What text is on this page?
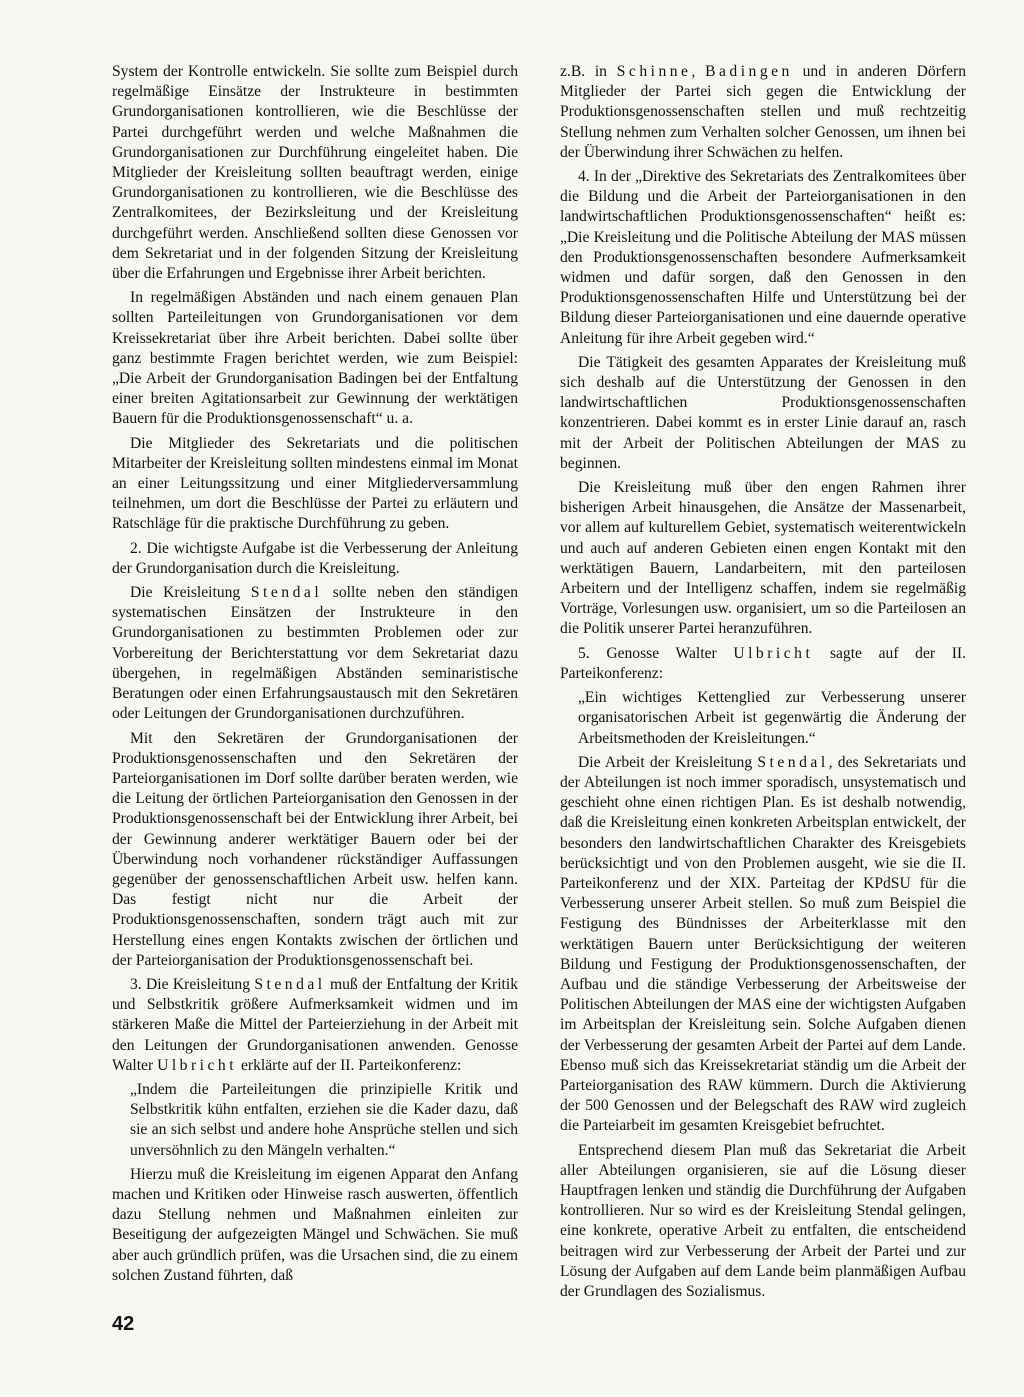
System der Kontrolle entwickeln. Sie sollte zum Beispiel durch regelmäßige Einsätze der Instrukteure in bestimmten Grundorganisationen kontrollieren, wie die Beschlüsse der Partei durchgeführt werden und welche Maßnahmen die Grundorganisationen zur Durchführung eingeleitet haben. Die Mitglieder der Kreisleitung sollten beauftragt werden, einige Grundorganisationen zu kontrollieren, wie die Beschlüsse des Zentralkomitees, der Bezirksleitung und der Kreisleitung durchgeführt werden. Anschließend sollten diese Genossen vor dem Sekretariat und in der folgenden Sitzung der Kreisleitung über die Erfahrungen und Ergebnisse ihrer Arbeit berichten.

In regelmäßigen Abständen und nach einem genauen Plan sollten Parteileitungen von Grundorganisationen vor dem Kreissekretariat über ihre Arbeit berichten. Dabei sollte über ganz bestimmte Fragen berichtet werden, wie zum Beispiel: „Die Arbeit der Grundorganisation Badingen bei der Entfaltung einer breiten Agitationsarbeit zur Gewinnung der werktätigen Bauern für die Produktionsgenossenschaft“ u. a.

Die Mitglieder des Sekretariats und die politischen Mitarbeiter der Kreisleitung sollten mindestens einmal im Monat an einer Leitungssitzung und einer Mitgliederversammlung teilnehmen, um dort die Beschlüsse der Partei zu erläutern und Ratschläge für die praktische Durchführung zu geben.

2. Die wichtigste Aufgabe ist die Verbesserung der Anleitung der Grundorganisation durch die Kreisleitung.

Die Kreisleitung Stendal sollte neben den ständigen systematischen Einsätzen der Instrukteure in den Grundorganisationen zu bestimmten Problemen oder zur Vorbereitung der Berichterstattung vor dem Sekretariat dazu übergehen, in regelmäßigen Abständen seminaristische Beratungen oder einen Erfahrungsaustausch mit den Sekretären oder Leitungen der Grundorganisationen durchzuführen.

Mit den Sekretären der Grundorganisationen der Produktionsgenossenschaften und den Sekretären der Parteiorganisationen im Dorf sollte darüber beraten werden, wie die Leitung der örtlichen Parteiorganisation den Genossen in der Produktionsgenossenschaft bei der Entwicklung ihrer Arbeit, bei der Gewinnung anderer werktätiger Bauern oder bei der Überwindung noch vorhandener rückständiger Auffassungen gegenüber der genossenschaftlichen Arbeit usw. helfen kann. Das festigt nicht nur die Arbeit der Produktionsgenossenschaften, sondern trägt auch mit zur Herstellung eines engen Kontakts zwischen der örtlichen und der Parteiorganisation der Produktionsgenossenschaft bei.

3. Die Kreisleitung Stendal muß der Entfaltung der Kritik und Selbstkritik größere Aufmerksamkeit widmen und im stärkeren Maße die Mittel der Parteierziehung in der Arbeit mit den Leitungen der Grundorganisationen anwenden. Genosse Walter Ulbricht erklärte auf der II. Parteikonferenz:

„Indem die Parteileitungen die prinzipielle Kritik und Selbstkritik kühn entfalten, erziehen sie die Kader dazu, daß sie an sich selbst und andere hohe Ansprüche stellen und sich unversöhnlich zu den Mängeln verhalten.“

Hierzu muß die Kreisleitung im eigenen Apparat den Anfang machen und Kritiken oder Hinweise rasch auswerten, öffentlich dazu Stellung nehmen und Maßnahmen einleiten zur Beseitigung der aufgezeigten Mängel und Schwächen. Sie muß aber auch gründlich prüfen, was die Ursachen sind, die zu einem solchen Zustand führten, daß

z.B. in Schinne, Badingen und in anderen Dörfern Mitglieder der Partei sich gegen die Entwicklung der Produktionsgenossenschaften stellen und muß rechtzeitig Stellung nehmen zum Verhalten solcher Genossen, um ihnen bei der Überwindung ihrer Schwächen zu helfen.

4. In der „Direktive des Sekretariats des Zentralkomitees über die Bildung und die Arbeit der Parteiorganisationen in den landwirtschaftlichen Produktionsgenossenschaften“ heißt es: „Die Kreisleitung und die Politische Abteilung der MAS müssen den Produktionsgenossenschaften besondere Aufmerksamkeit widmen und dafür sorgen, daß den Genossen in den Produktionsgenossenschaften Hilfe und Unterstützung bei der Bildung dieser Parteiorganisationen und eine dauernde operative Anleitung für ihre Arbeit gegeben wird.“

Die Tätigkeit des gesamten Apparates der Kreisleitung muß sich deshalb auf die Unterstützung der Genossen in den landwirtschaftlichen Produktionsgenossenschaften konzentrieren. Dabei kommt es in erster Linie darauf an, rasch mit der Arbeit der Politischen Abteilungen der MAS zu beginnen.

Die Kreisleitung muß über den engen Rahmen ihrer bisherigen Arbeit hinausgehen, die Ansätze der Massenarbeit, vor allem auf kulturellem Gebiet, systematisch weiterentwickeln und auch auf anderen Gebieten einen engen Kontakt mit den werktätigen Bauern, Landarbeitern, mit den parteilosen Arbeitern und der Intelligenz schaffen, indem sie regelmäßig Vorträge, Vorlesungen usw. organisiert, um so die Parteilosen an die Politik unserer Partei heranzuführen.

5. Genosse Walter Ulbricht sagte auf der II. Parteikonferenz:

„Ein wichtiges Kettenglied zur Verbesserung unserer organisatorischen Arbeit ist gegenwärtig die Änderung der Arbeitsmethoden der Kreisleitungen.“

Die Arbeit der Kreisleitung Stendal, des Sekretariats und der Abteilungen ist noch immer sporadisch, unsystematisch und geschieht ohne einen richtigen Plan. Es ist deshalb notwendig, daß die Kreisleitung einen konkreten Arbeitsplan entwickelt, der besonders den landwirtschaftlichen Charakter des Kreisgebiets berücksichtigt und von den Problemen ausgeht, wie sie die II. Parteikonferenz und der XIX. Parteitag der KPdSU für die Verbesserung unserer Arbeit stellen. So muß zum Beispiel die Festigung des Bündnisses der Arbeiterklasse mit den werktätigen Bauern unter Berücksichtigung der weiteren Bildung und Festigung der Produktionsgenossenschaften, der Aufbau und die ständige Verbesserung der Arbeitsweise der Politischen Abteilungen der MAS eine der wichtigsten Aufgaben im Arbeitsplan der Kreisleitung sein. Solche Aufgaben dienen der Verbesserung der gesamten Arbeit der Partei auf dem Lande. Ebenso muß sich das Kreissekretariat ständig um die Arbeit der Parteiorganisation des RAW kümmern. Durch die Aktivierung der 500 Genossen und der Belegschaft des RAW wird zugleich die Parteiarbeit im gesamten Kreisgebiet befruchtet.

Entsprechend diesem Plan muß das Sekretariat die Arbeit aller Abteilungen organisieren, sie auf die Lösung dieser Hauptfragen lenken und ständig die Durchführung der Aufgaben kontrollieren. Nur so wird es der Kreisleitung Stendal gelingen, eine konkrete, operative Arbeit zu entfalten, die entscheidend beitragen wird zur Verbesserung der Arbeit der Partei und zur Lösung der Aufgaben auf dem Lande beim planmäßigen Aufbau der Grundlagen des Sozialismus.

42
